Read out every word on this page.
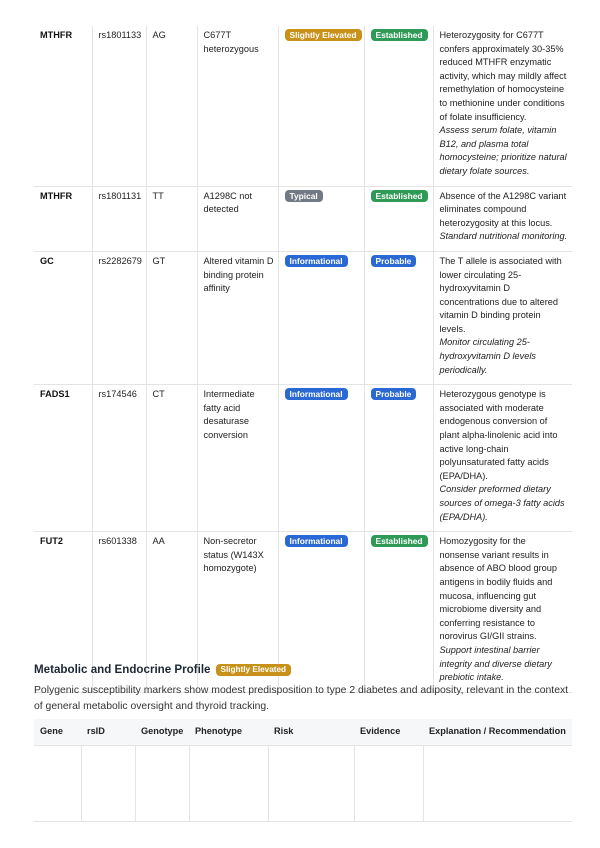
MTHFR	rs1801133	AG	C677T heterozygous	Slightly Elevated	Established	Heterozygosity for C677T confers approximately 30-35% reduced MTHFR enzymatic activity, which may mildly affect remethylation of homocysteine to methionine under conditions of folate insufficiency.
Assess serum folate, vitamin B12, and plasma total homocysteine; prioritize natural dietary folate sources.

MTHFR	rs1801131	TT	A1298C not detected	Typical	Established	Absence of the A1298C variant eliminates compound heterozygosity at this locus.
Standard nutritional monitoring.

GC	rs2282679	GT	Altered vitamin D binding protein affinity	Informational	Probable	The T allele is associated with lower circulating 25-hydroxyvitamin D concentrations due to altered vitamin D binding protein levels.
Monitor circulating 25-hydroxyvitamin D levels periodically.

FADS1	rs174546	CT	Intermediate fatty acid desaturase conversion	Informational	Probable	Heterozygous genotype is associated with moderate endogenous conversion of plant alpha-linolenic acid into active long-chain polyunsaturated fatty acids (EPA/DHA).
Consider preformed dietary sources of omega-3 fatty acids (EPA/DHA).

FUT2	rs601338	AA	Non-secretor status (W143X homozygote)	Informational	Established	Homozygosity for the nonsense variant results in absence of ABO blood group antigens in bodily fluids and mucosa, influencing gut microbiome diversity and conferring resistance to norovirus GI/GII strains.
Support intestinal barrier integrity and diverse dietary prebiotic intake.
Metabolic and Endocrine Profile Slightly Elevated

Polygenic susceptibility markers show modest predisposition to type 2 diabetes and adiposity, relevant in the context of general metabolic oversight and thyroid tracking.

Gene	rsID	Genotype	Phenotype	Risk	Evidence	Explanation / Recommendation
